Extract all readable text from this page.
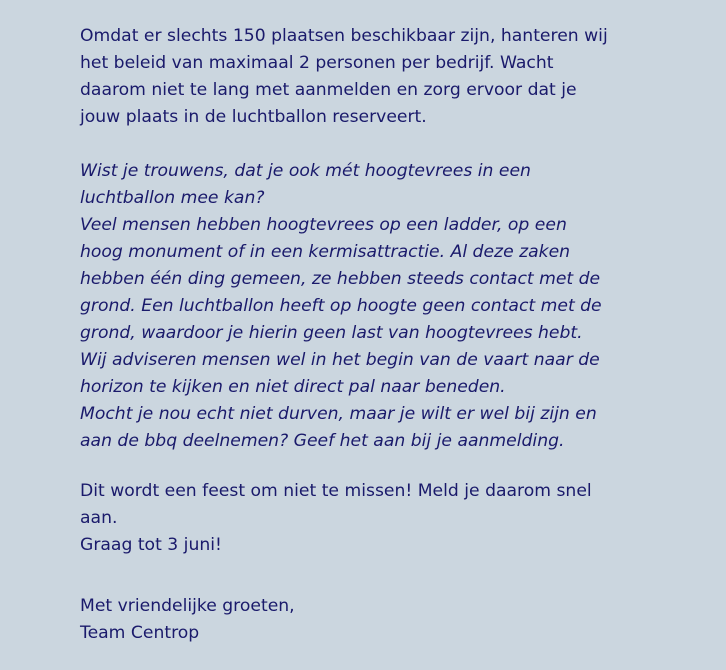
Omdat er slechts 150 plaatsen beschikbaar zijn, hanteren wij
het beleid van maximaal 2 personen per bedrijf. Wacht
daarom niet te lang met aanmelden en zorg ervoor dat je
jouw plaats in de luchtballon reserveert.

Wist je trouwens, dat je ook mét hoogtevrees in een
luchtballon mee kan?
Veel mensen hebben hoogtevrees op een ladder, op een
hoog monument of in een kermisattractie. Al deze zaken
hebben één ding gemeen, ze hebben steeds contact met de
grond. Een luchtballon heeft op hoogte geen contact met de
grond, waardoor je hierin geen last van hoogtevrees hebt.
Wij adviseren mensen wel in het begin van de vaart naar de
horizon te kijken en niet direct pal naar beneden.
Mocht je nou echt niet durven, maar je wilt er wel bij zijn en
aan de bbq deelnemen? Geef het aan bij je aanmelding.

Dit wordt een feest om niet te missen! Meld je daarom snel
aan.
Graag tot 3 juni!

Met vriendelijke groeten,
Team Centrop
